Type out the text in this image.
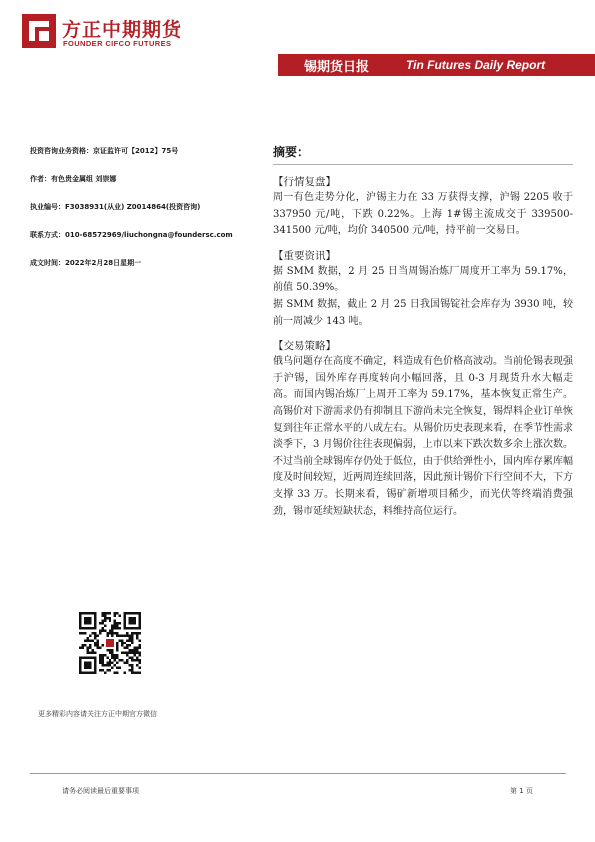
方正中期期货
FOUNDER CIFCO FUTURES
锡期货日报	Tin Futures Daily Report
投资咨询业务资格：京证监许可【2012】75号
作者：有色贵金属组 刘崇娜
执业编号：F3038931(从业) Z0014864(投资咨询)
联系方式：010-68572969/liuchongna@foundersc.com
成文时间：2022年2月28日星期一
更多精彩内容请关注方正中期官方微信
摘要：
【行情复盘】

周一有色走势分化，沪锡主力在 33 万获得支撑，沪锡 2205 收于 337950 元/吨，下跌 0.22%。上海 1#锡主流成交于 339500-341500 元/吨，均价 340500 元/吨，持平前一交易日。

【重要资讯】

据 SMM 数据，2 月 25 日当周锡冶炼厂周度开工率为 59.17%，前值 50.39%。

据 SMM 数据，截止 2 月 25 日我国锡锭社会库存为 3930 吨，较前一周减少 143 吨。

【交易策略】

俄乌问题存在高度不确定，料造成有色价格高波动。当前伦锡表现强于沪锡，国外库存再度转向小幅回落，且 0-3 月现货升水大幅走高。而国内锡冶炼厂上周开工率为 59.17%，基本恢复正常生产。高锡价对下游需求仍有抑制且下游尚未完全恢复，锡焊料企业订单恢复到往年正常水平的八成左右。从锡价历史表现来看，在季节性需求淡季下，3 月锡价往往表现偏弱，上市以来下跌次数多余上涨次数。不过当前全球锡库存仍处于低位，由于供给弹性小，国内库存累库幅度及时间较短，近两周连续回落，因此预计锡价下行空间不大，下方支撑 33 万。长期来看，锡矿新增项目稀少，而光伏等终端消费强劲，锡市延续短缺状态，料维持高位运行。

请务必阅读最后重要事项	第 1 页
